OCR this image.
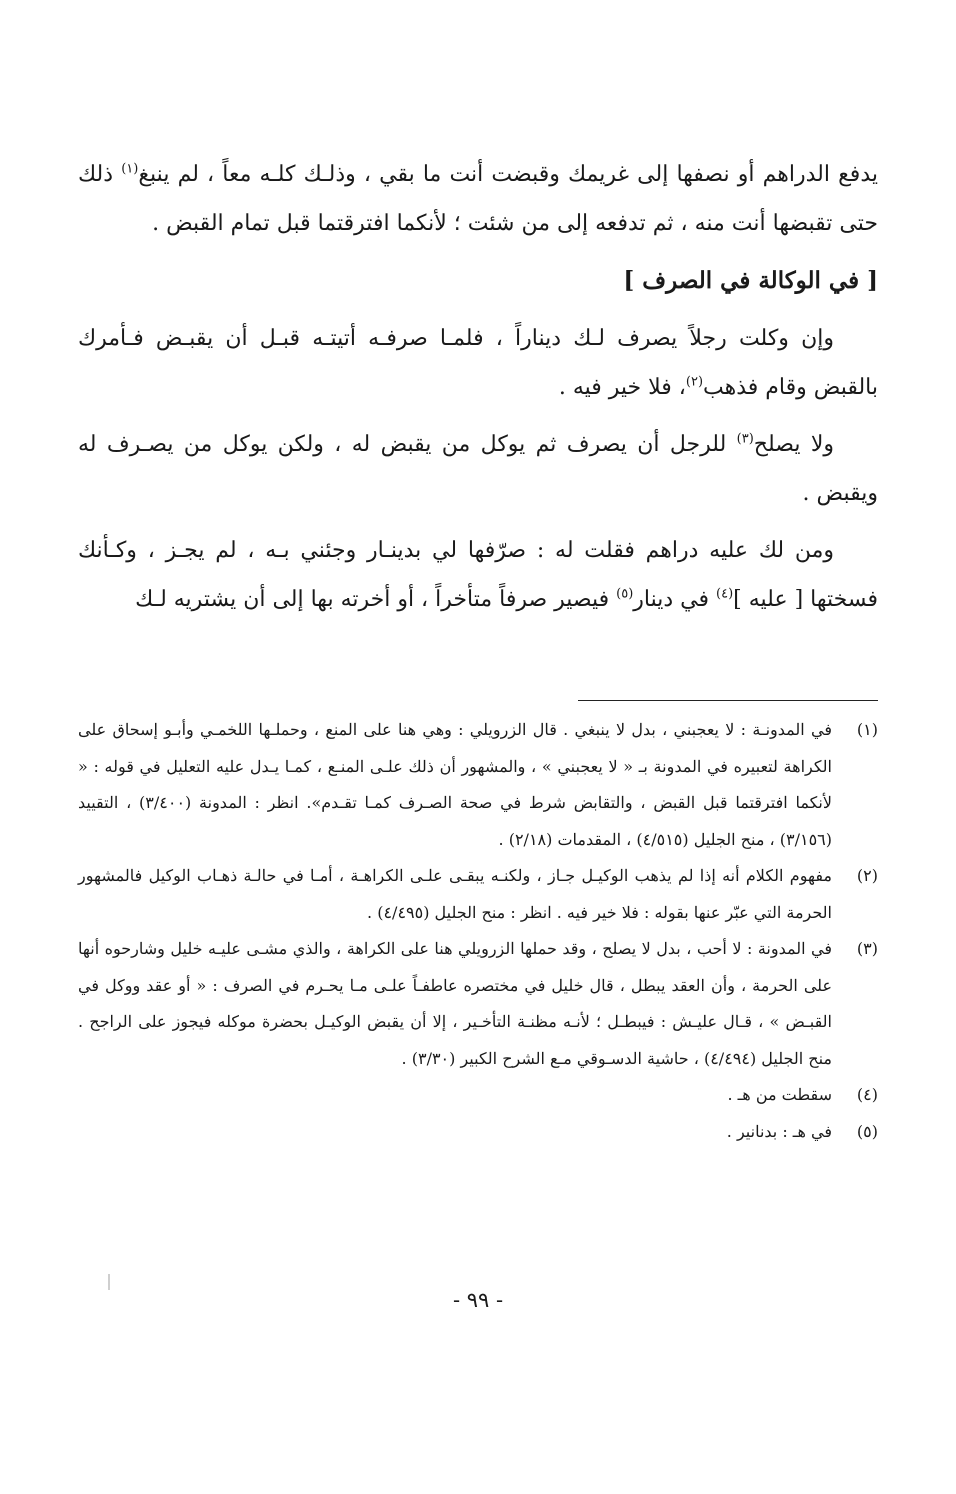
يدفع الدراهم أو نصفها إلى غريمك وقبضت أنت ما بقي ، وذلـك كلـه معاً ، لم ينبغ$^{(١)}$ ذلك حتى تقبضها أنت منه ، ثم تدفعه إلى من شئت ؛ لأنكما افترقتما قبل تمام القبض .

[ في الوكالة في الصرف ]

وإن وكلت رجلاً يصرف لـك ديناراً ، فلمـا صرفـه أتيتـه قبـل أن يقبـض فـأمرك بالقبض وقام فذهب$^{(٢)}$، فلا خير فيه .

ولا يصلح$^{(٣)}$ للرجل أن يصرف ثم يوكل من يقبض له ، ولكن يوكل من يصـرف له ويقبض .

ومن لك عليه دراهم فقلت له : صرّفها لي بدينـار وجئني بـه ، لم يجـز ، وكـأنك فسختها [ عليه ]$^{(٤)}$ في دينار$^{(٥)}$ فيصير صرفاً متأخراً ، أو أخرته بها إلى أن يشتريه لـك

(١)
في المدونـة : لا يعجبني ، بدل لا ينبغي . قال الزرويلي : وهي هنا على المنع ، وحملـها اللخمـي وأبـو إسحاق على الكراهة لتعبيره في المدونة بـ « لا يعجبني » ، والمشهور أن ذلك علـى المنـع ، كمـا يـدل عليه التعليل في قوله : « لأنكما افترقتما قبل القبض ، والتقابض شرط في صحة الصـرف كمـا تقـدم». انظر : المدونة (٣/٤٠٠) ، التقييد (٣/١٥٦) ، منح الجليل (٤/٥١٥) ، المقدمات (٢/١٨) .
(٢)
مفهوم الكلام أنه إذا لم يذهب الوكيـل جـاز ، ولكنـه يبقـى علـى الكراهـة ، أمـا في حالـة ذهـاب الوكيل فالمشهور الحرمة التي عبّر عنها بقوله : فلا خير فيه . انظر : منح الجليل (٤/٤٩٥) .
(٣)
في المدونة : لا أحب ، بدل لا يصلح ، وقد حملها الزرويلي هنا على الكراهة ، والذي مشـى عليـه خليل وشارحوه أنها على الحرمة ، وأن العقد يبطل ، قال خليل في مختصره عاطفـاً علـى مـا يحـرم في الصرف : « أو عقد ووكل في القبـض » ، قـال عليـش : فيبطـل ؛ لأنـه مظنـة التأخـير ، إلا أن يقبض الوكيـل بحضرة موكله فيجوز على الراجح . منح الجليل (٤/٤٩٤) ، حاشية الدسـوقي مـع الشرح الكبير (٣/٣٠) .
(٤)
سقطت من هـ .
(٥)
في هـ : بدنانير .
- ٩٩ -
